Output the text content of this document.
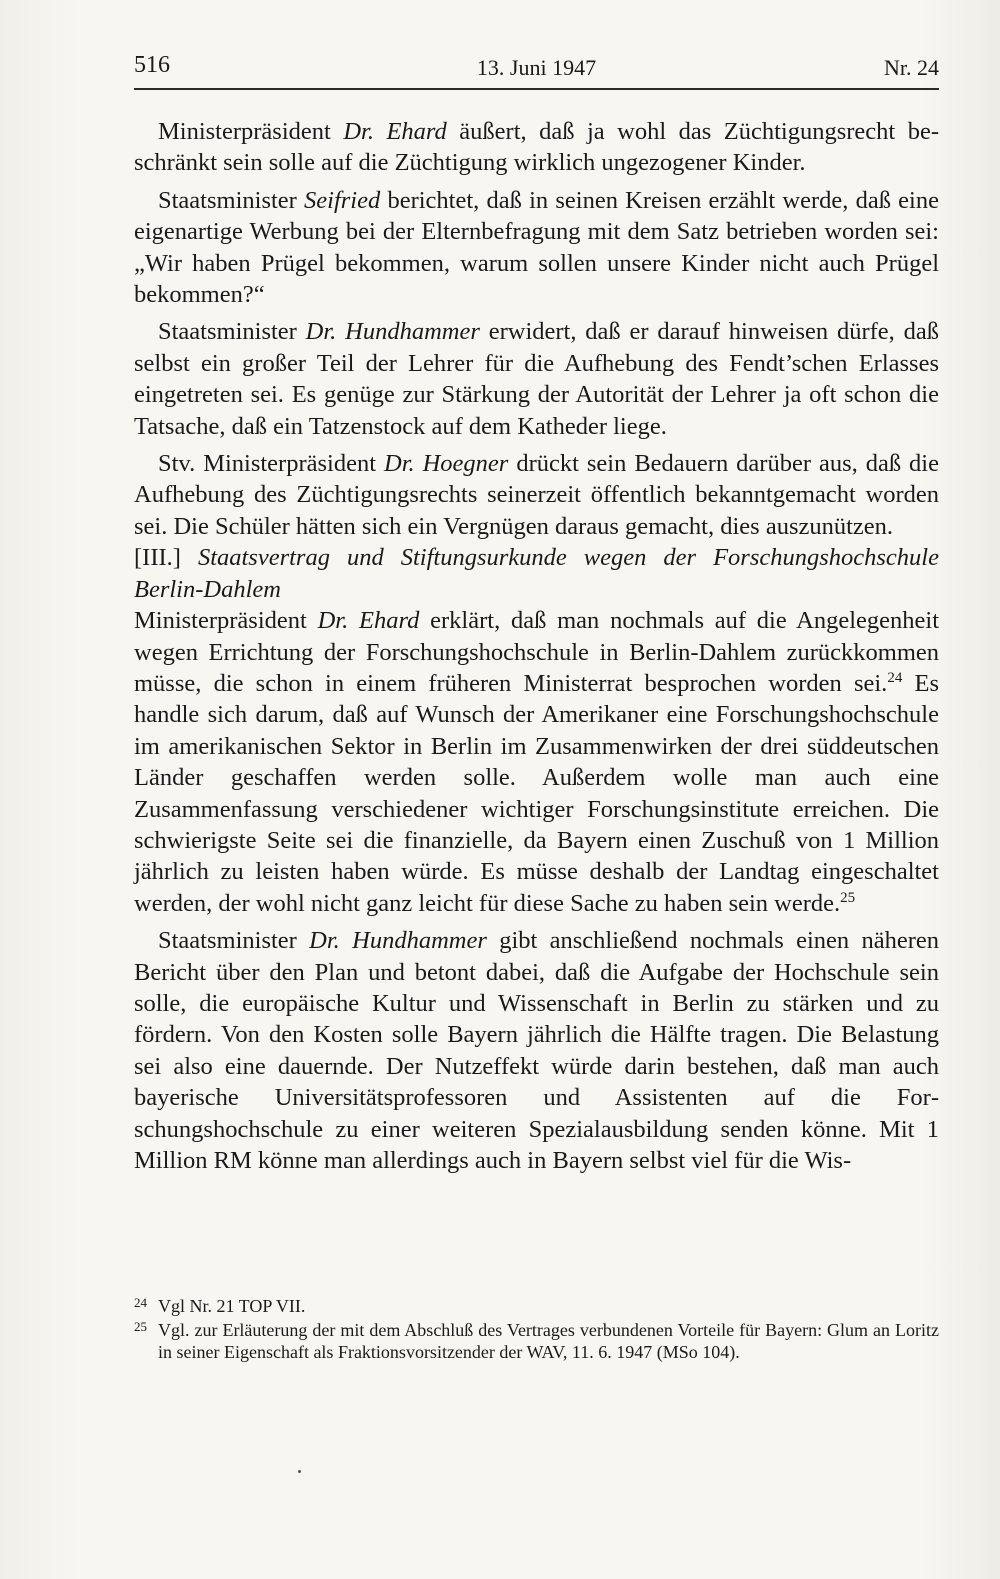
516	13. Juni 1947	Nr. 24

Ministerpräsident Dr. Ehard äußert, daß ja wohl das Züchtigungsrecht beschränkt sein solle auf die Züchtigung wirklich ungezogener Kinder.

Staatsminister Seifried berichtet, daß in seinen Kreisen erzählt werde, daß eine eigenartige Werbung bei der Elternbefragung mit dem Satz betrieben worden sei: „Wir haben Prügel bekommen, warum sollen unsere Kinder nicht auch Prügel bekommen?“

Staatsminister Dr. Hundhammer erwidert, daß er darauf hinweisen dürfe, daß selbst ein großer Teil der Lehrer für die Aufhebung des Fendt’schen Erlasses eingetreten sei. Es genüge zur Stärkung der Autorität der Lehrer ja oft schon die Tatsache, daß ein Tatzenstock auf dem Katheder liege.

Stv. Ministerpräsident Dr. Hoegner drückt sein Bedauern darüber aus, daß die Aufhebung des Züchtigungsrechts seinerzeit öffentlich bekanntgemacht worden sei. Die Schüler hätten sich ein Vergnügen daraus gemacht, dies auszunützen.

[III.] Staatsvertrag und Stiftungsurkunde wegen der Forschungshochschule Berlin-Dahlem

Ministerpräsident Dr. Ehard erklärt, daß man nochmals auf die Angelegenheit wegen Errichtung der Forschungshochschule in Berlin-Dahlem zurückkommen müsse, die schon in einem früheren Ministerrat besprochen worden sei.$^{24}$ Es handle sich darum, daß auf Wunsch der Amerikaner eine Forschungshochschule im amerikanischen Sektor in Berlin im Zusammenwirken der drei süddeutschen Länder geschaffen werden solle. Außerdem wolle man auch eine Zusammenfassung verschiedener wichtiger Forschungsinstitute erreichen. Die schwierigste Seite sei die finanzielle, da Bayern einen Zuschuß von 1 Million jährlich zu leisten haben würde. Es müsse deshalb der Landtag eingeschaltet werden, der wohl nicht ganz leicht für diese Sache zu haben sein werde.$^{25}$

Staatsminister Dr. Hundhammer gibt anschließend nochmals einen näheren Bericht über den Plan und betont dabei, daß die Aufgabe der Hochschule sein solle, die europäische Kultur und Wissenschaft in Berlin zu stärken und zu fördern. Von den Kosten solle Bayern jährlich die Hälfte tragen. Die Belastung sei also eine dauernde. Der Nutzeffekt würde darin bestehen, daß man auch bayerische Universitätsprofessoren und Assistenten auf die Forschungshochschule zu einer weiteren Spezialausbildung senden könne. Mit 1 Million RM könne man allerdings auch in Bayern selbst viel für die Wis-

24 Vgl Nr. 21 TOP VII.
25 Vgl. zur Erläuterung der mit dem Abschluß des Vertrages verbundenen Vorteile für Bayern: Glum an Loritz in seiner Eigenschaft als Fraktionsvorsitzender der WAV, 11. 6. 1947 (MSo 104).
